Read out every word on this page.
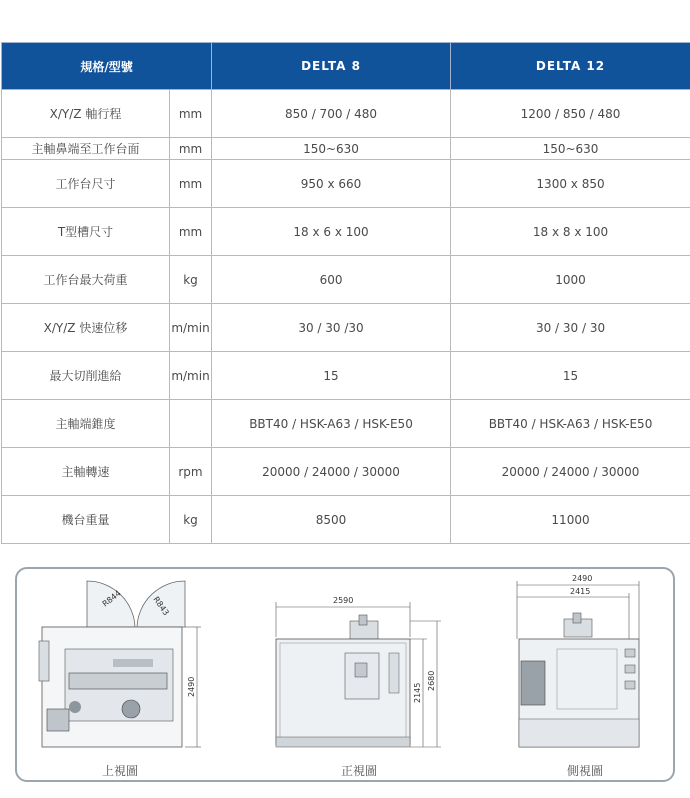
規格/型號		DELTA 8	DELTA 12
X/Y/Z 軸行程	mm	850 / 700 / 480	1200 / 850 / 480
主軸鼻端至工作台面	mm	150~630	150~630
工作台尺寸	mm	950 x 660	1300 x 850
T型槽尺寸	mm	18 x 6 x 100	18 x 8 x 100
工作台最大荷重	kg	600	1000
X/Y/Z 快速位移	m/min	30 / 30 /30	30 / 30 / 30
最大切削進給	m/min	15	15
主軸端錐度		BBT40 / HSK-A63 / HSK-E50	BBT40 / HSK-A63 / HSK-E50
主軸轉速	rpm	20000 / 24000 / 30000	20000 / 24000 / 30000
機台重量	kg	8500	11000
R844	R843
2490
2590
2145
2680
2490
2415
上視圖	正視圖	側視圖
